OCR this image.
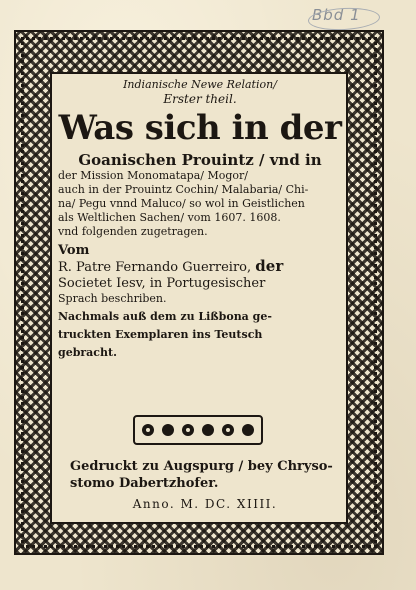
Bbd 1
Indianische Newe Relation/
Erster theil.
Was sich in der
Goanischen Prouintz / vnd in
der Mission Monomatapa/ Mogor/
auch in der Prouintz Cochin/ Malabaria/ Chi-
na/ Pegu vnnd Maluco/ so wol in Geistlichen
als Weltlichen Sachen/ vom 1607. 1608.
vnd folgenden zugetragen.
Vom
R. Patre Fernando Guerreiro, der
Societet Iesv, in Portugesischer
Sprach beschriben.
Nachmals auß dem zu Lißbona ge-
truckten Exemplaren ins Teutsch
gebracht.
Gedruckt zu Augspurg / bey Chryso-
stomo Dabertzhofer.
Anno. M. DC. XIIII.
